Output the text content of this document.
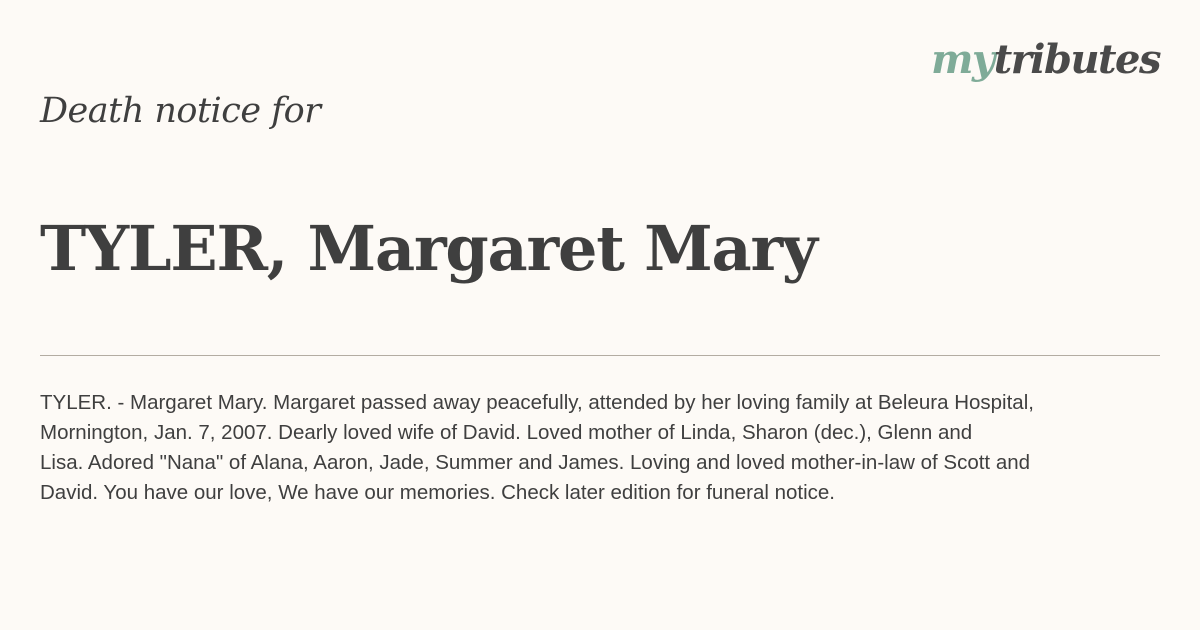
mytributes
Death notice for
TYLER, Margaret Mary

TYLER. - Margaret Mary. Margaret passed away peacefully, attended by her loving family at Beleura Hospital,
Mornington, Jan. 7, 2007. Dearly loved wife of David. Loved mother of Linda, Sharon (dec.), Glenn and
Lisa. Adored "Nana" of Alana, Aaron, Jade, Summer and James. Loving and loved mother-in-law of Scott and
David. You have our love, We have our memories. Check later edition for funeral notice.
